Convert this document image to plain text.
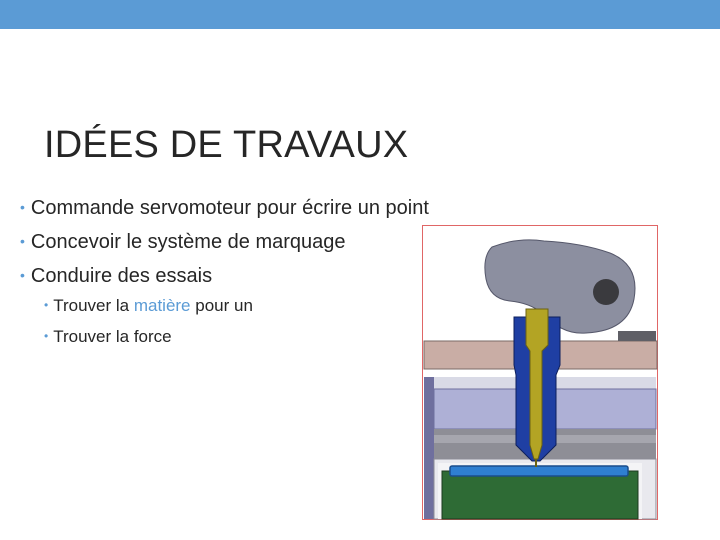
IDÉES DE TRAVAUX
• Commande servomoteur pour écrire un point
• Concevoir le système de marquage
• Conduire des essais
• Trouver la matière pour un
• Trouver la force
